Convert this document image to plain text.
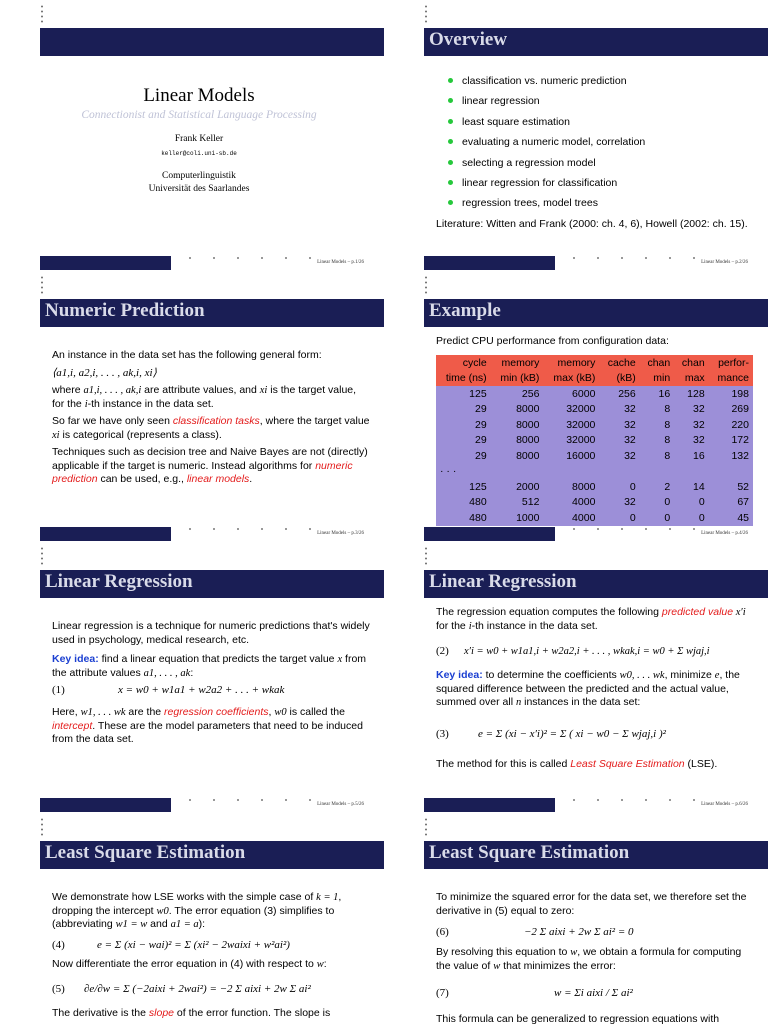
Linear Models
Connectionist and Statistical Language Processing
Frank Keller
keller@coli.uni-sb.de
Computerlinguistik
Universität des Saarlandes
Linear Models – p.1/26
Overview
classification vs. numeric prediction
linear regression
least square estimation
evaluating a numeric model, correlation
selecting a regression model
linear regression for classification
regression trees, model trees
Literature: Witten and Frank (2000: ch. 4, 6), Howell (2002: ch. 15).
Linear Models – p.2/26
Numeric Prediction

An instance in the data set has the following general form:

⟨a1,i, a2,i, . . . , ak,i, xi⟩

where a1,i, . . . , ak,i are attribute values, and xi is the target value, for the i-th instance in the data set.

So far we have only seen classification tasks, where the target value xi is categorical (represents a class).

Techniques such as decision tree and Naive Bayes are not (directly) applicable if the target is numeric. Instead algorithms for numeric prediction can be used, e.g., linear models.

Linear Models – p.3/26
Example
Predict CPU performance from configuration data:
cycle	memory	memory	cache	chan	chan	perfor-
time (ns)	min (kB)	max (kB)	(kB)	min	max	mance
125	256	6000	256	16	128	198
29	8000	32000	32	8	32	269
29	8000	32000	32	8	32	220
29	8000	32000	32	8	32	172
29	8000	16000	32	8	16	132
· · ·						
125	2000	8000	0	2	14	52
480	512	4000	32	0	0	67
480	1000	4000	0	0	0	45
Linear Models – p.4/26
Linear Regression

Linear regression is a technique for numeric predictions that's widely used in psychology, medical research, etc.

Key idea: find a linear equation that predicts the target value x from the attribute values a1, . . . , ak:

(1)	x = w0 + w1a1 + w2a2 + . . . + wkak

Here, w1, . . . wk are the regression coefficients, w0 is called the intercept. These are the model parameters that need to be induced from the data set.

Linear Models – p.5/26
Linear Regression

The regression equation computes the following predicted value x′i for the i-th instance in the data set.

(2) x′i = w0 + w1a1,i + w2a2,i + . . . , wkak,i = w0 + Σ wjaj,i

Key idea: to determine the coefficients w0, . . . wk, minimize e, the squared difference between the predicted and the actual value, summed over all n instances in the data set:

(3)	e = Σ (xi − x′i)² = Σ ( xi − w0 − Σ wjaj,i )²

The method for this is called Least Square Estimation (LSE).

Linear Models – p.6/26
Least Square Estimation

We demonstrate how LSE works with the simple case of k = 1, dropping the intercept w0. The error equation (3) simplifies to (abbreviating w1 = w and a1 = a):

(4)	e = Σ (xi − wai)² = Σ (xi² − 2waixi + w²ai²)

Now differentiate the error equation in (4) with respect to w:

(5) ∂e/∂w = Σ (−2aixi + 2wai²) = −2 Σ aixi + 2w Σ ai²

The derivative is the slope of the error function. The slope is

Least Square Estimation

To minimize the squared error for the data set, we therefore set the derivative in (5) equal to zero:

(6)	−2 Σ aixi + 2w Σ ai² = 0

By resolving this equation to w, we obtain a formula for computing the value of w that minimizes the error:

(7)	w = Σi aixi / Σ ai²

This formula can be generalized to regression equations with
